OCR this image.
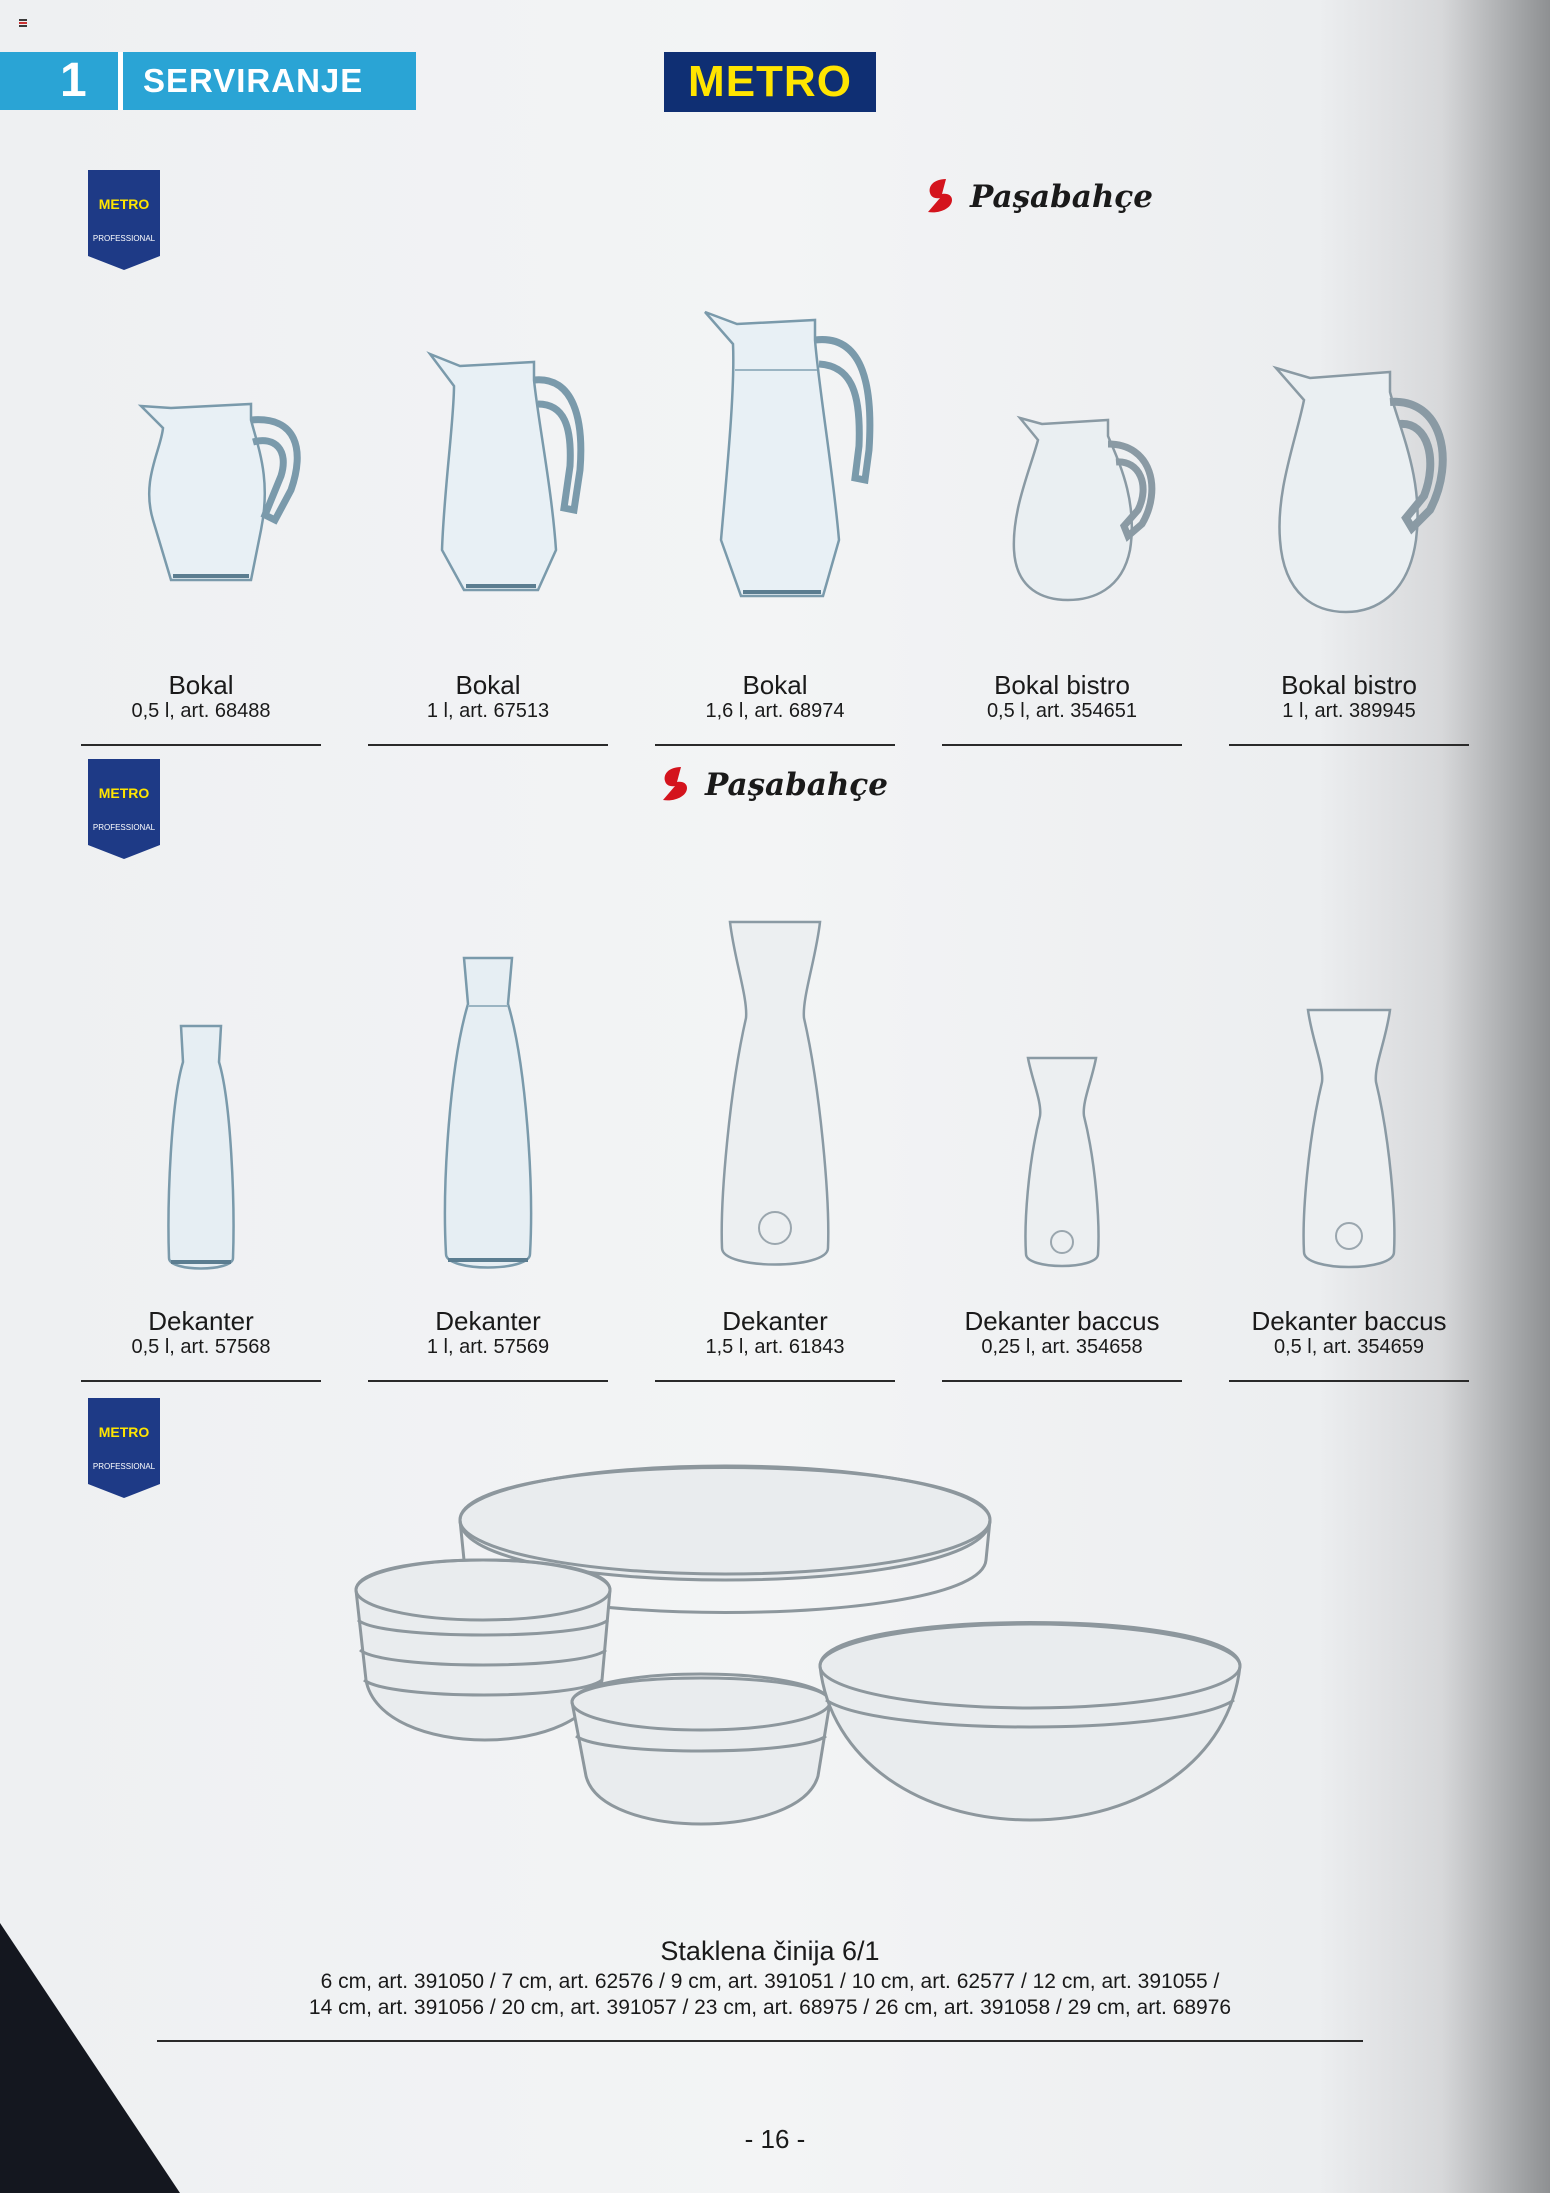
1 SERVIRANJE	METRO
METRO
PROFESSIONAL
Paşabahçe
Bokal
0,5 l, art. 68488
Bokal
1 l, art. 67513
Bokal
1,6 l, art. 68974
Bokal bistro
0,5 l, art. 354651
Bokal bistro
1 l, art. 389945
METRO
PROFESSIONAL
Paşabahçe
Dekanter
0,5 l, art. 57568
Dekanter
1 l, art. 57569
Dekanter
1,5 l, art. 61843
Dekanter baccus
0,25 l, art. 354658
Dekanter baccus
0,5 l, art. 354659
METRO
PROFESSIONAL
Staklena činija 6/1
6 cm, art. 391050 / 7 cm, art. 62576 / 9 cm, art. 391051 / 10 cm, art. 62577 / 12 cm, art. 391055 /
14 cm, art. 391056 / 20 cm, art. 391057 / 23 cm, art. 68975 / 26 cm, art. 391058 / 29 cm, art. 68976
- 16 -
